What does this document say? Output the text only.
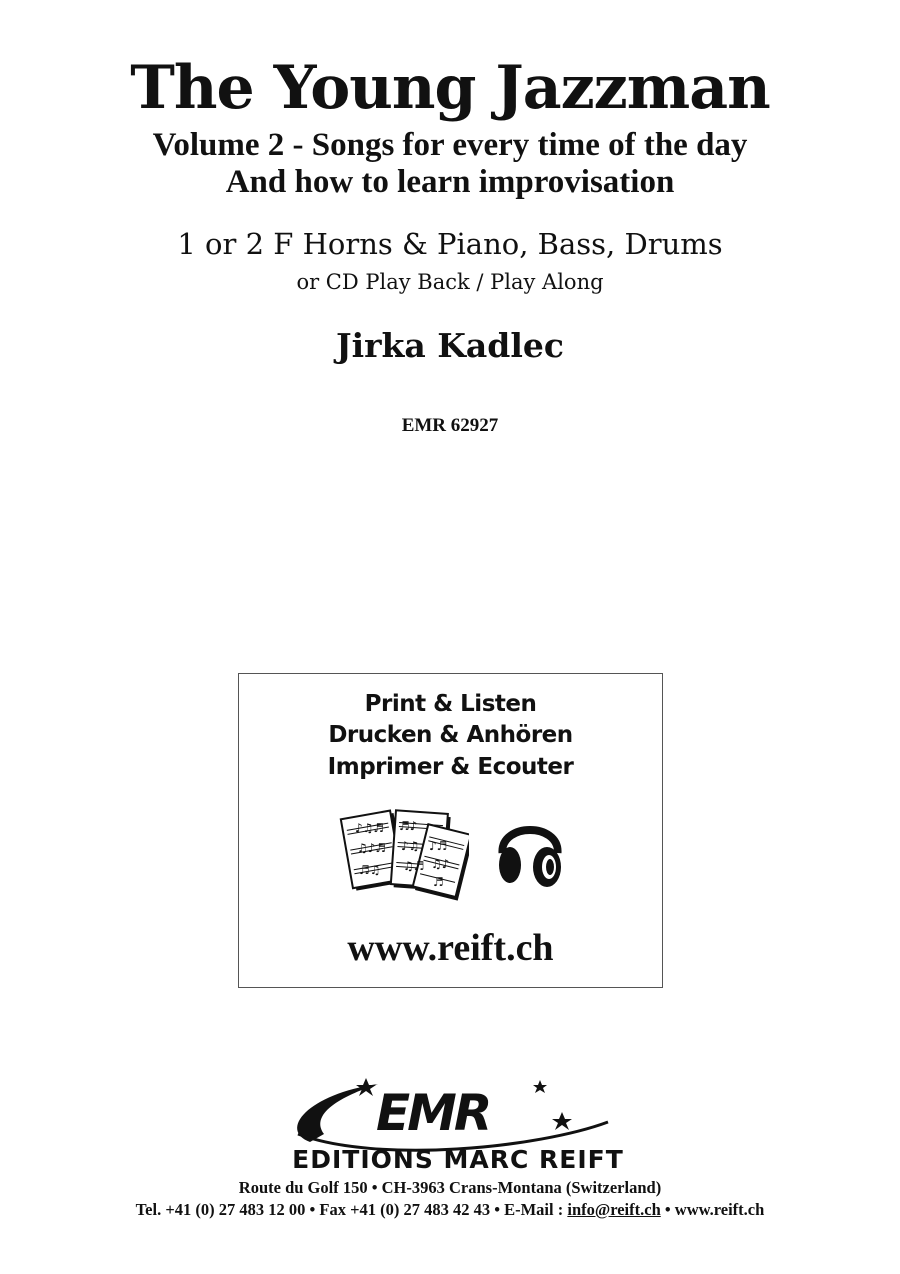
The Young Jazzman
Volume 2 - Songs for every time of the day
And how to learn improvisation
1 or 2 F Horns & Piano, Bass, Drums
or CD Play Back / Play Along
Jirka Kadlec
EMR 62927
Print & Listen
Drucken & Anhören
Imprimer & Ecouter
♪♫♬
♫♪♬
♬♫
♬♪
♪♫
♫♬
♪♬
♫♪
♬
www.reift.ch
EMR
EDITIONS MARC REIFT
Route du Golf 150 • CH-3963 Crans-Montana (Switzerland)
Tel. +41 (0) 27 483 12 00 • Fax +41 (0) 27 483 42 43 • E-Mail : info@reift.ch • www.reift.ch
